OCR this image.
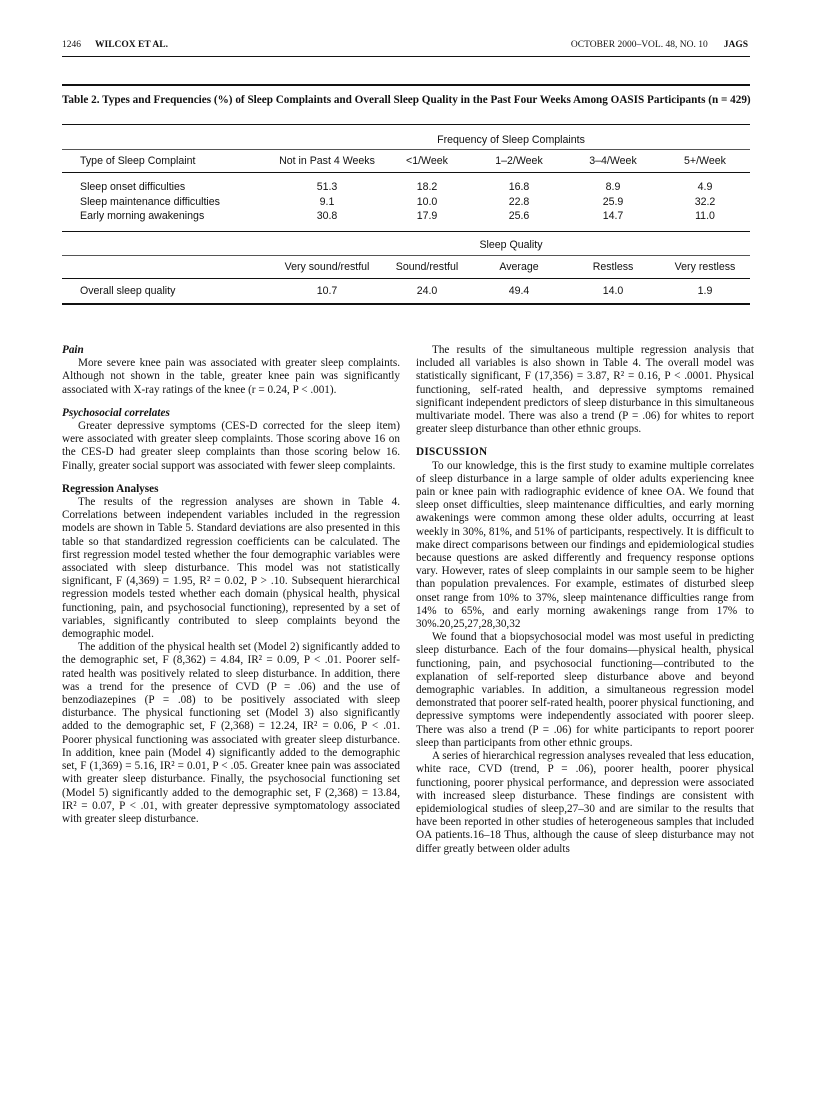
1246 WILCOX ET AL.	OCTOBER 2000–VOL. 48, NO. 10 JAGS
Table 2. Types and Frequencies (%) of Sleep Complaints and Overall Sleep Quality in the Past Four Weeks Among OASIS Participants (n = 429)
	Frequency of Sleep Complaints				
Type of Sleep Complaint	Not in Past 4 Weeks	<1/Week	1–2/Week	3–4/Week	5+/Week
Sleep onset difficulties	51.3	18.2	16.8	8.9	4.9
Sleep maintenance difficulties	9.1	10.0	22.8	25.9	32.2
Early morning awakenings	30.8	17.9	25.6	14.7	11.0
	Sleep Quality				
	Very sound/restful	Sound/restful	Average	Restless	Very restless
Overall sleep quality	10.7	24.0	49.4	14.0	1.9
Pain

More severe knee pain was associated with greater sleep complaints. Although not shown in the table, greater knee pain was significantly associated with X-ray ratings of the knee (r = 0.24, P < .001).

Psychosocial correlates

Greater depressive symptoms (CES-D corrected for the sleep item) were associated with greater sleep complaints. Those scoring above 16 on the CES-D had greater sleep complaints than those scoring below 16. Finally, greater social support was associated with fewer sleep complaints.

Regression Analyses

The results of the regression analyses are shown in Table 4. Correlations between independent variables included in the regression models are shown in Table 5. Standard deviations are also presented in this table so that standardized regression coefficients can be calculated. The first regression model tested whether the four demographic variables were associated with sleep disturbance. This model was not statistically significant, F (4,369) = 1.95, R² = 0.02, P > .10. Subsequent hierarchical regression models tested whether each domain (physical health, physical functioning, pain, and psychosocial functioning), represented by a set of variables, significantly contributed to sleep complaints beyond the demographic model.

The addition of the physical health set (Model 2) significantly added to the demographic set, F (8,362) = 4.84, IR² = 0.09, P < .01. Poorer self-rated health was positively related to sleep disturbance. In addition, there was a trend for the presence of CVD (P = .06) and the use of benzodiazepines (P = .08) to be positively associated with sleep disturbance. The physical functioning set (Model 3) also significantly added to the demographic set, F (2,368) = 12.24, IR² = 0.06, P < .01. Poorer physical functioning was associated with greater sleep disturbance. In addition, knee pain (Model 4) significantly added to the demographic set, F (1,369) = 5.16, IR² = 0.01, P < .05. Greater knee pain was associated with greater sleep disturbance. Finally, the psychosocial functioning set (Model 5) significantly added to the demographic set, F (2,368) = 13.84, IR² = 0.07, P < .01, with greater depressive symptomatology associated with greater sleep disturbance.

The results of the simultaneous multiple regression analysis that included all variables is also shown in Table 4. The overall model was statistically significant, F (17,356) = 3.87, R² = 0.16, P < .0001. Physical functioning, self-rated health, and depressive symptoms remained significant independent predictors of sleep disturbance in this simultaneous multivariate model. There was also a trend (P = .06) for whites to report greater sleep disturbance than other ethnic groups.

DISCUSSION

To our knowledge, this is the first study to examine multiple correlates of sleep disturbance in a large sample of older adults experiencing knee pain or knee pain with radiographic evidence of knee OA. We found that sleep onset difficulties, sleep maintenance difficulties, and early morning awakenings were common among these older adults, occurring at least weekly in 30%, 81%, and 51% of participants, respectively. It is difficult to make direct comparisons between our findings and epidemiological studies because questions are asked differently and frequency response options vary. However, rates of sleep complaints in our sample seem to be higher than population prevalences. For example, estimates of disturbed sleep onset range from 10% to 37%, sleep maintenance difficulties range from 14% to 65%, and early morning awakenings range from 17% to 30%.20,25,27,28,30,32

We found that a biopsychosocial model was most useful in predicting sleep disturbance. Each of the four domains—physical health, physical functioning, pain, and psychosocial functioning—contributed to the explanation of self-reported sleep disturbance above and beyond demographic variables. In addition, a simultaneous regression model demonstrated that poorer self-rated health, poorer physical functioning, and depressive symptoms were independently associated with poorer sleep. There was also a trend (P = .06) for white participants to report poorer sleep than participants from other ethnic groups.

A series of hierarchical regression analyses revealed that less education, white race, CVD (trend, P = .06), poorer health, poorer physical functioning, poorer physical performance, and depression were associated with increased sleep disturbance. These findings are consistent with epidemiological studies of sleep,27–30 and are similar to the results that have been reported in other studies of heterogeneous samples that included OA patients.16–18 Thus, although the cause of sleep disturbance may not differ greatly between older adults
